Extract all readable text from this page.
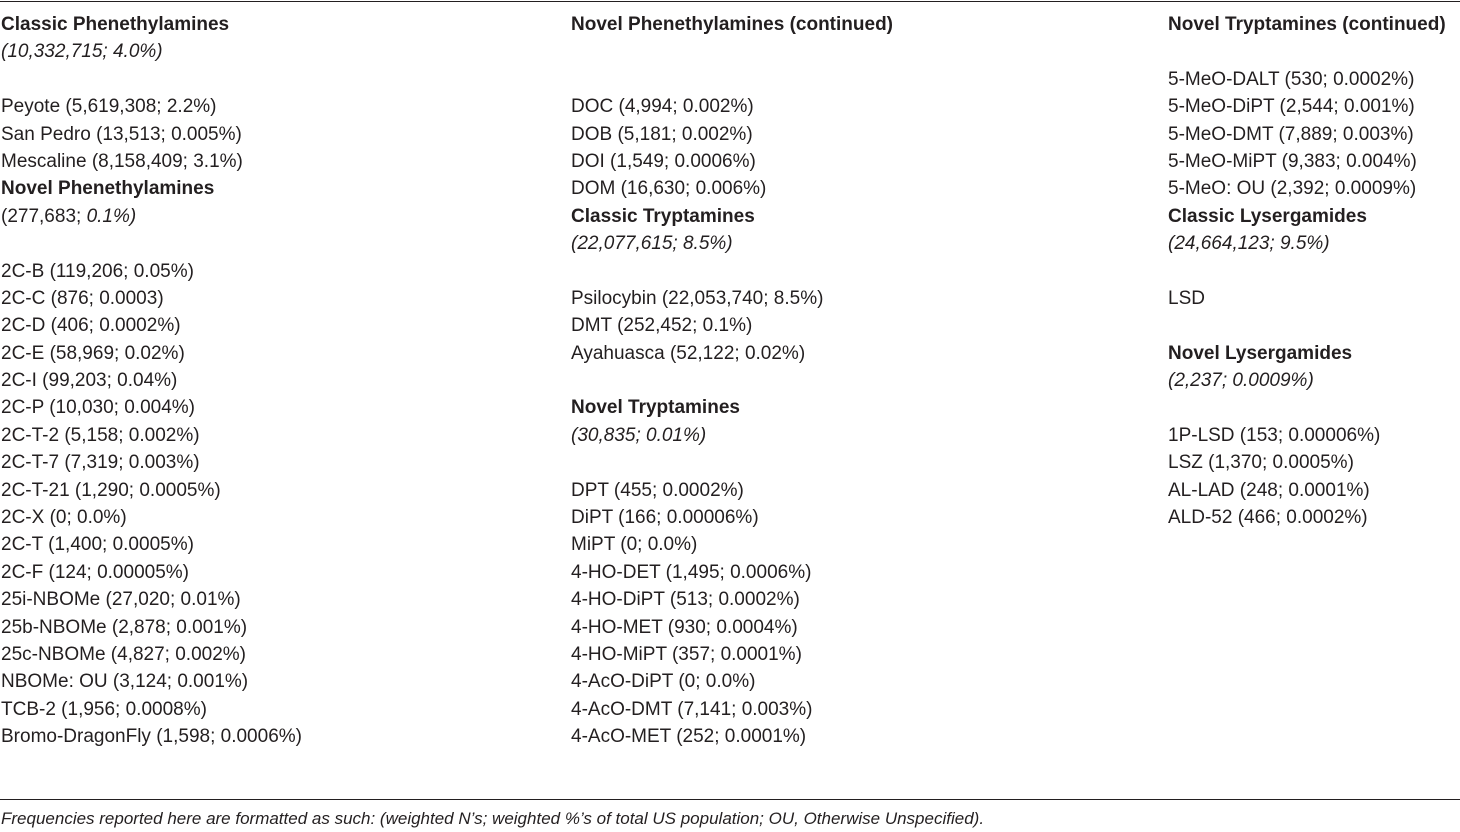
Classic Phenethylamines
(10,332,715; 4.0%)
Peyote (5,619,308; 2.2%)
San Pedro (13,513; 0.005%)
Mescaline (8,158,409; 3.1%)
Novel Phenethylamines
(277,683; 0.1%)
2C-B (119,206; 0.05%)
2C-C (876; 0.0003)
2C-D (406; 0.0002%)
2C-E (58,969; 0.02%)
2C-I (99,203; 0.04%)
2C-P (10,030; 0.004%)
2C-T-2 (5,158; 0.002%)
2C-T-7 (7,319; 0.003%)
2C-T-21 (1,290; 0.0005%)
2C-X (0; 0.0%)
2C-T (1,400; 0.0005%)
2C-F (124; 0.00005%)
25i-NBOMe (27,020; 0.01%)
25b-NBOMe (2,878; 0.001%)
25c-NBOMe (4,827; 0.002%)
NBOMe: OU (3,124; 0.001%)
TCB-2 (1,956; 0.0008%)
Bromo-DragonFly (1,598; 0.0006%)
Novel Phenethylamines (continued)
DOC (4,994; 0.002%)
DOB (5,181; 0.002%)
DOI (1,549; 0.0006%)
DOM (16,630; 0.006%)
Classic Tryptamines
(22,077,615; 8.5%)
Psilocybin (22,053,740; 8.5%)
DMT (252,452; 0.1%)
Ayahuasca (52,122; 0.02%)
Novel Tryptamines
(30,835; 0.01%)
DPT (455; 0.0002%)
DiPT (166; 0.00006%)
MiPT (0; 0.0%)
4-HO-DET (1,495; 0.0006%)
4-HO-DiPT (513; 0.0002%)
4-HO-MET (930; 0.0004%)
4-HO-MiPT (357; 0.0001%)
4-AcO-DiPT (0; 0.0%)
4-AcO-DMT (7,141; 0.003%)
4-AcO-MET (252; 0.0001%)
Novel Tryptamines (continued)
5-MeO-DALT (530; 0.0002%)
5-MeO-DiPT (2,544; 0.001%)
5-MeO-DMT (7,889; 0.003%)
5-MeO-MiPT (9,383; 0.004%)
5-MeO: OU (2,392; 0.0009%)
Classic Lysergamides
(24,664,123; 9.5%)
LSD
Novel Lysergamides
(2,237; 0.0009%)
1P-LSD (153; 0.00006%)
LSZ (1,370; 0.0005%)
AL-LAD (248; 0.0001%)
ALD-52 (466; 0.0002%)
Frequencies reported here are formatted as such: (weighted N’s; weighted %’s of total US population; OU, Otherwise Unspecified).
